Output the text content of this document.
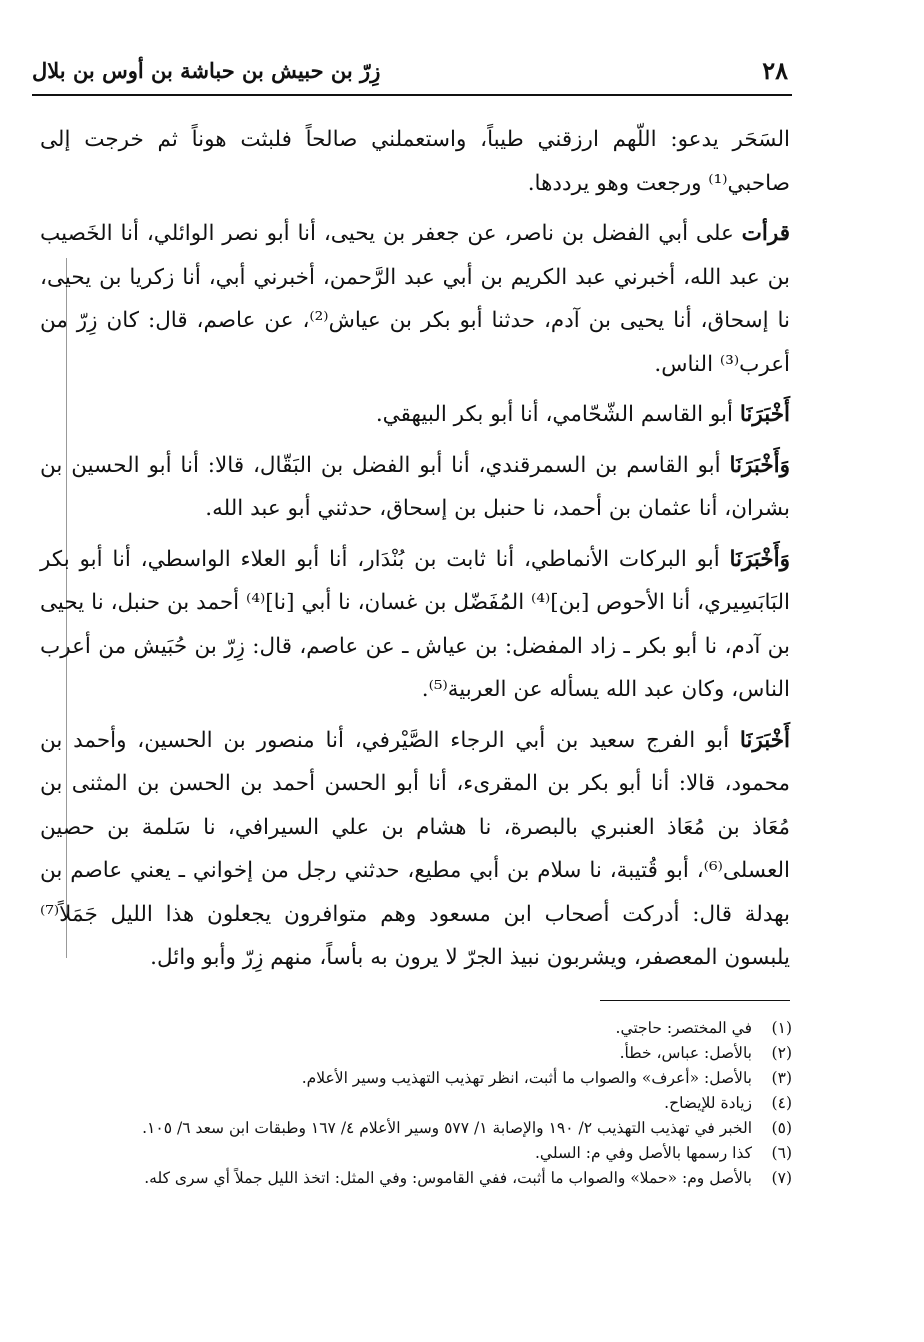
٢٨
زِرّ بن حبيش بن حباشة بن أوس بن بلال

السَحَر يدعو: اللّهم ارزقني طيباً، واستعملني صالحاً فلبثت هوناً ثم خرجت إلى صاحبي⁽¹⁾ ورجعت وهو يرددها.

قرأت على أبي الفضل بن ناصر، عن جعفر بن يحيى، أنا أبو نصر الوائلي، أنا الخَصيب بن عبد الله، أخبرني عبد الكريم بن أبي عبد الرَّحمن، أخبرني أبي، أنا زكريا بن يحيى، نا إسحاق، أنا يحيى بن آدم، حدثنا أبو بكر بن عياش⁽²⁾، عن عاصم، قال: كان زِرّ من أعرب⁽³⁾ الناس.

أَخْبَرَنَا أبو القاسم الشّحّامي، أنا أبو بكر البيهقي.

وَأَخْبَرَنَا أبو القاسم بن السمرقندي، أنا أبو الفضل بن البَقّال، قالا: أنا أبو الحسين بن بشران، أنا عثمان بن أحمد، نا حنبل بن إسحاق، حدثني أبو عبد الله.

وَأَخْبَرَنَا أبو البركات الأنماطي، أنا ثابت بن بُنْدَار، أنا أبو العلاء الواسطي، أنا أبو بكر البَابَسِيري، أنا الأحوص [بن]⁽⁴⁾ المُفَضّل بن غسان، نا أبي [نا]⁽⁴⁾ أحمد بن حنبل، نا يحيى بن آدم، نا أبو بكر ـ زاد المفضل: بن عياش ـ عن عاصم، قال: زِرّ بن حُبَيش من أعرب الناس، وكان عبد الله يسأله عن العربية⁽⁵⁾.

أَخْبَرَنَا أبو الفرج سعيد بن أبي الرجاء الصَّيْرفي، أنا منصور بن الحسين، وأحمد بن محمود، قالا: أنا أبو بكر بن المقرىء، أنا أبو الحسن أحمد بن الحسن بن المثنى بن مُعَاذ بن مُعَاذ العنبري بالبصرة، نا هشام بن علي السيرافي، نا سَلمة بن حصين العسلى⁽⁶⁾، أبو قُتيبة، نا سلام بن أبي مطيع، حدثني رجل من إخواني ـ يعني عاصم بن بهدلة قال: أدركت أصحاب ابن مسعود وهم متوافرون يجعلون هذا الليل جَمَلاً⁽⁷⁾ يلبسون المعصفر، ويشربون نبيذ الجرّ لا يرون به بأساً، منهم زِرّ وأبو وائل.

(١)
في المختصر: حاجتي.
(٢)
بالأصل: عباس، خطأ.
(٣)
بالأصل: «أعرف» والصواب ما أثبت، انظر تهذيب التهذيب وسير الأعلام.
(٤)
زيادة للإيضاح.
(٥)
الخبر في تهذيب التهذيب ٢/ ١٩٠ والإصابة ١/ ٥٧٧ وسير الأعلام ٤/ ١٦٧ وطبقات ابن سعد ٦/ ١٠٥.
(٦)
كذا رسمها بالأصل وفي م: السلي.
(٧)
بالأصل وم: «حملا» والصواب ما أثبت، ففي القاموس: وفي المثل: اتخذ الليل جملاً أي سرى كله.
